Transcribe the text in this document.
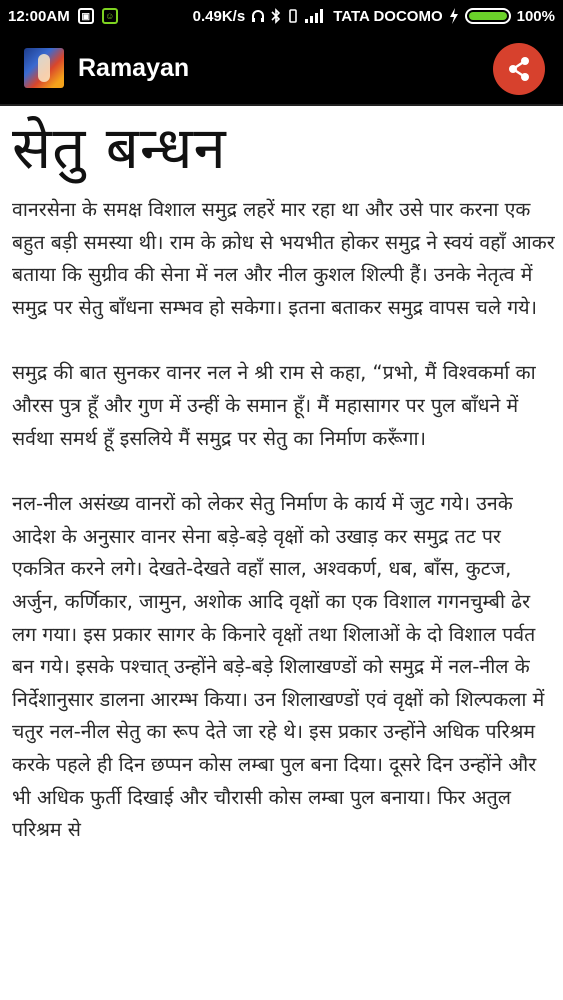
12:00AM	▣	☺	0.49K/s	TATA DOCOMO	100%
Ramayan
सेतु बन्धन

वानरसेना के समक्ष विशाल समुद्र लहरें मार रहा था और उसे पार करना एक बहुत बड़ी समस्या थी। राम के क्रोध से भयभीत होकर समुद्र ने स्वयं वहाँ आकर बताया कि सुग्रीव की सेना में नल और नील कुशल शिल्पी हैं। उनके नेतृत्व में समुद्र पर सेतु बाँधना सम्भव हो सकेगा। इतना बताकर समुद्र वापस चले गये।

समुद्र की बात सुनकर वानर नल ने श्री राम से कहा, “प्रभो, मैं विश्वकर्मा का औरस पुत्र हूँ और गुण में उन्हीं के समान हूँ। मैं महासागर पर पुल बाँधने में सर्वथा समर्थ हूँ इसलिये मैं समुद्र पर सेतु का निर्माण करूँगा।

नल-नील असंख्य वानरों को लेकर सेतु निर्माण के कार्य में जुट गये। उनके आदेश के अनुसार वानर सेना बड़े-बड़े वृक्षों को उखाड़ कर समुद्र तट पर एकत्रित करने लगे। देखते-देखते वहाँ साल, अश्वकर्ण, धब, बाँस, कुटज, अर्जुन, कर्णिकार, जामुन, अशोक आदि वृक्षों का एक विशाल गगनचुम्बी ढेर लग गया। इस प्रकार सागर के किनारे वृक्षों तथा शिलाओं के दो विशाल पर्वत बन गये। इसके पश्चात् उन्होंने बड़े-बड़े शिलाखण्डों को समुद्र में नल-नील के निर्देशानुसार डालना आरम्भ किया। उन शिलाखण्डों एवं वृक्षों को शिल्पकला में चतुर नल-नील सेतु का रूप देते जा रहे थे। इस प्रकार उन्होंने अधिक परिश्रम करके पहले ही दिन छप्पन कोस लम्बा पुल बना दिया। दूसरे दिन उन्होंने और भी अधिक फुर्ती दिखाई और चौरासी कोस लम्बा पुल बनाया। फिर अतुल परिश्रम से
